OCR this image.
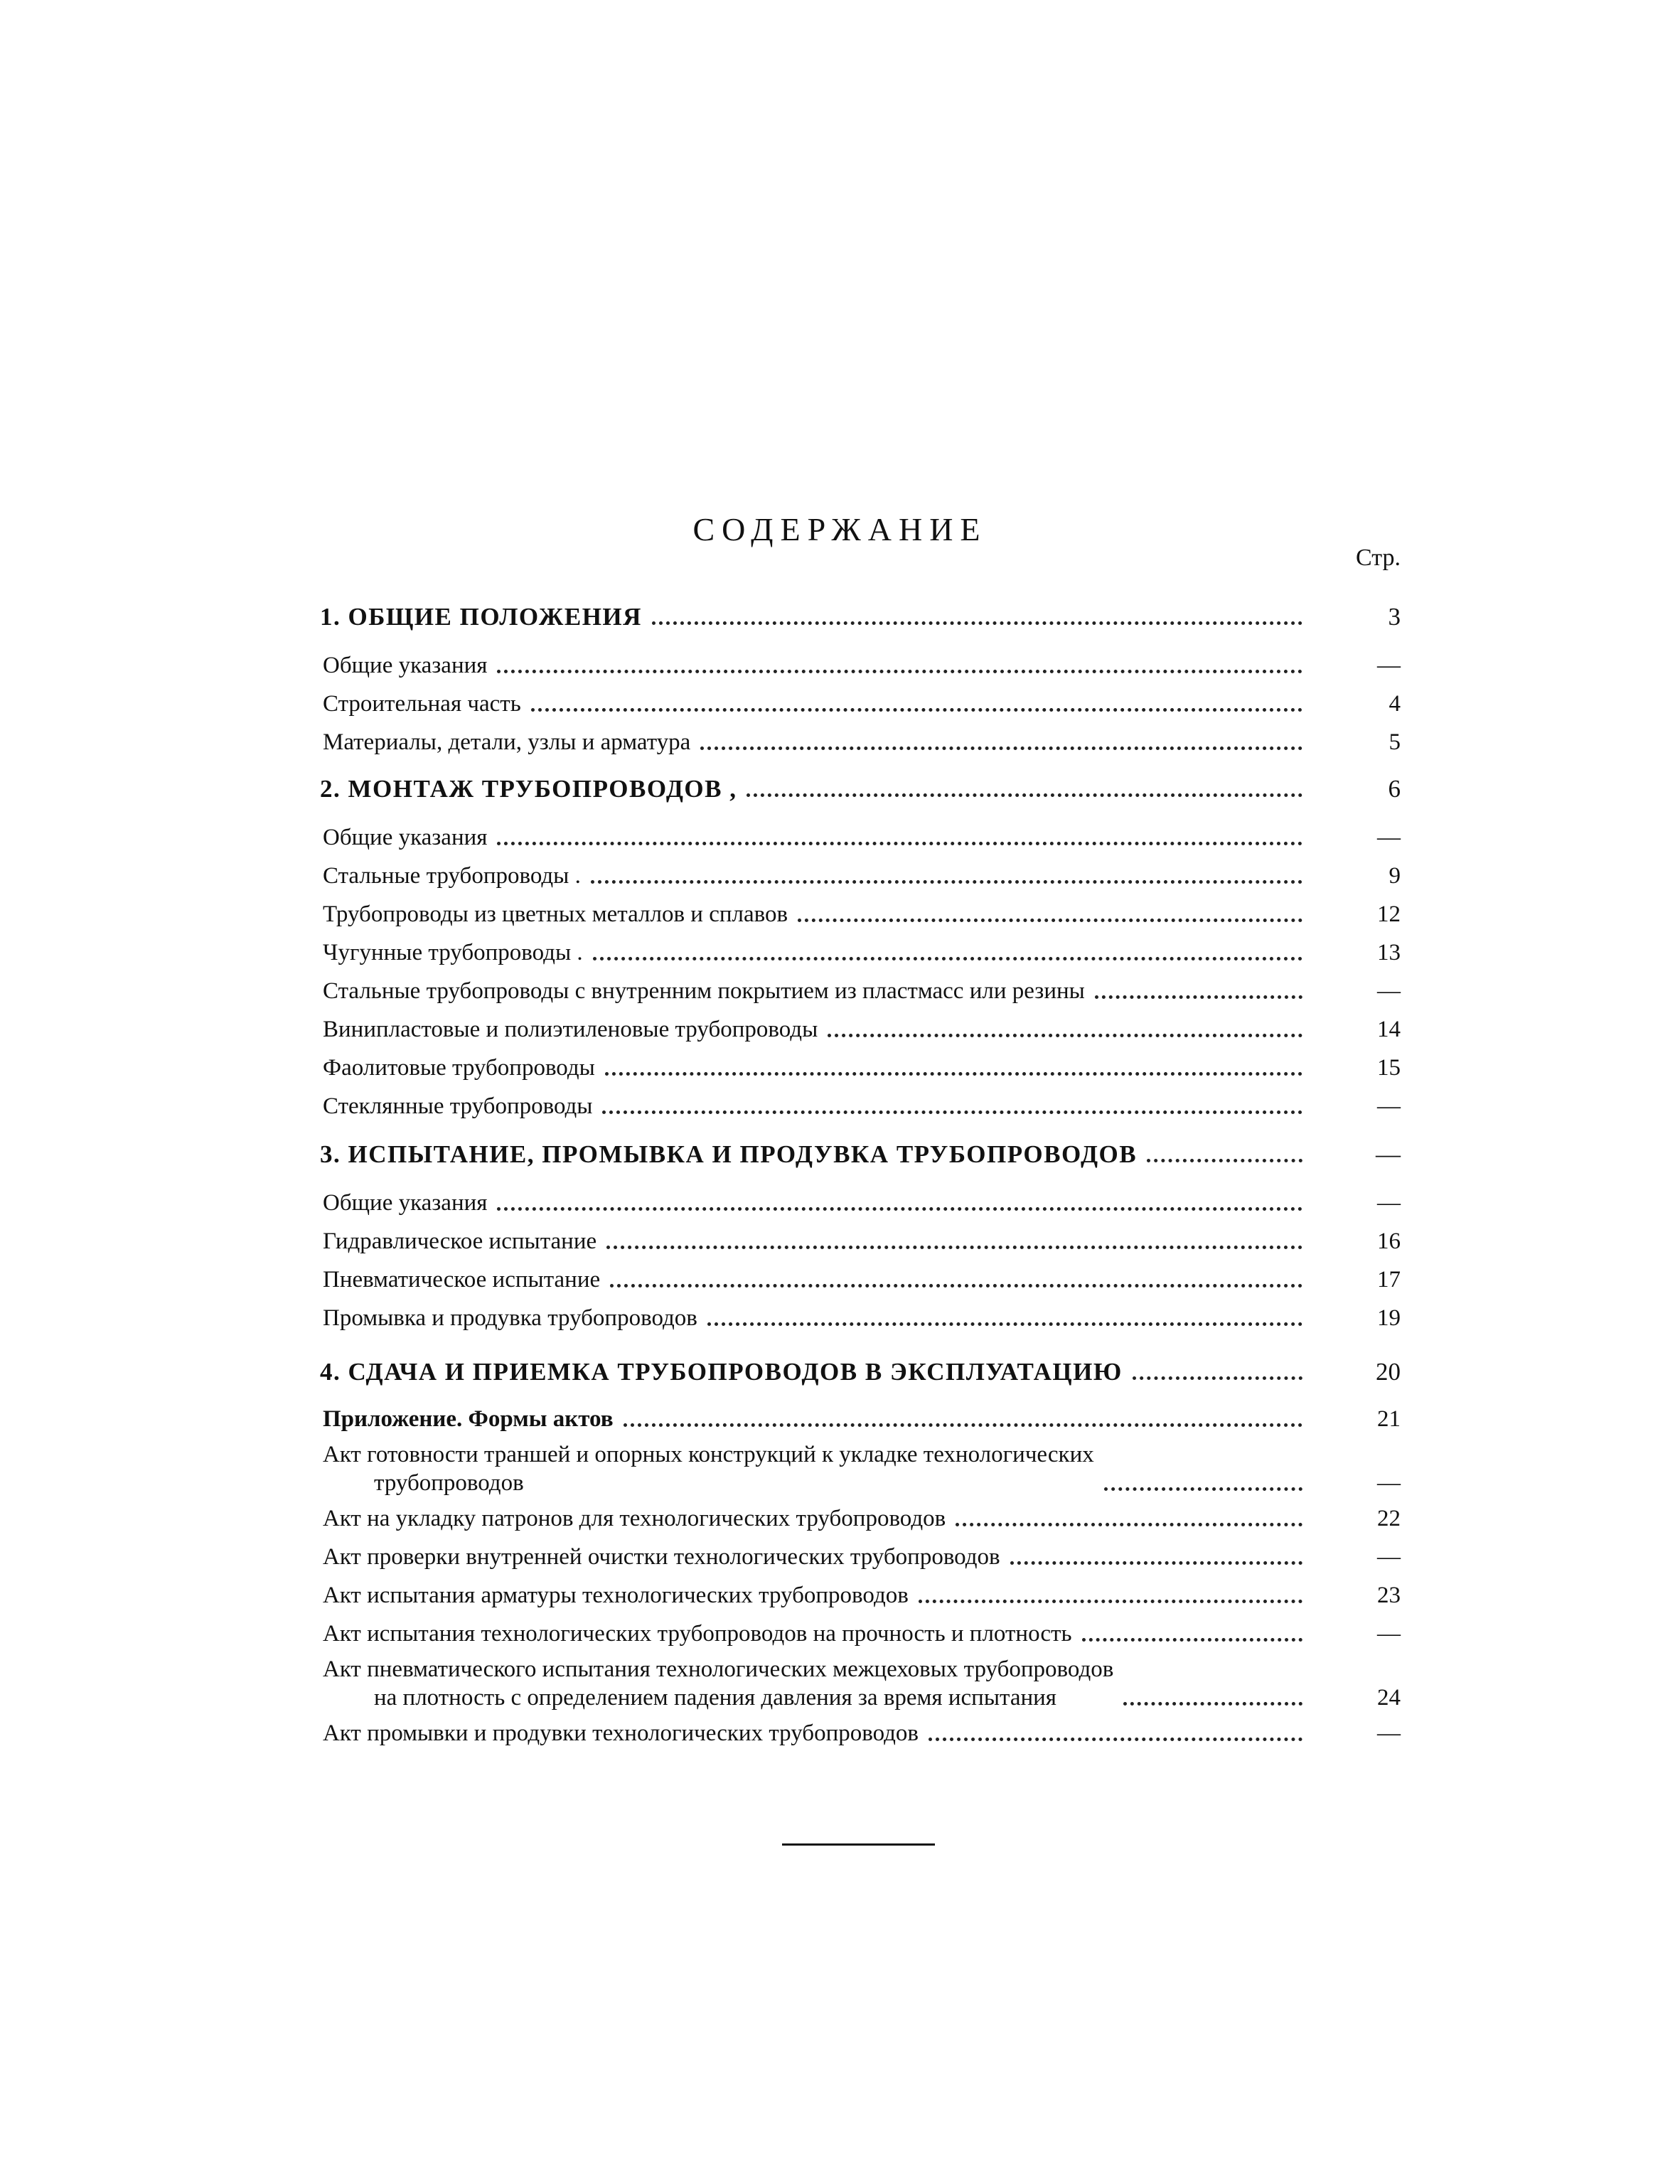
СОДЕРЖАНИЕ
Стр.
1. ОБЩИЕ ПОЛОЖЕНИЯ	3
Общие указания	—
Строительная часть	4
Материалы, детали, узлы и арматура	5
2. МОНТАЖ ТРУБОПРОВОДОВ ,	6
Общие указания	—
Стальные трубопроводы .	9
Трубопроводы из цветных металлов и сплавов	12
Чугунные трубопроводы .	13
Стальные трубопроводы с внутренним покрытием из пластмасс или резины	—
Винипластовые и полиэтиленовые трубопроводы	14
Фаолитовые трубопроводы	15
Стеклянные трубопроводы	—
3. ИСПЫТАНИЕ, ПРОМЫВКА И ПРОДУВКА ТРУБОПРОВОДОВ	—
Общие указания	—
Гидравлическое испытание	16
Пневматическое испытание	17
Промывка и продувка трубопроводов	19
4. СДАЧА И ПРИЕМКА ТРУБОПРОВОДОВ В ЭКСПЛУАТАЦИЮ	20
Приложение. Формы актов	21
Акт готовности траншей и опорных конструкций к укладке технологических
трубопроводов	—
Акт на укладку патронов для технологических трубопроводов	22
Акт проверки внутренней очистки технологических трубопроводов	—
Акт испытания арматуры технологических трубопроводов	23
Акт испытания технологических трубопроводов на прочность и плотность	—
Акт пневматического испытания технологических межцеховых трубопроводов
на плотность с определением падения давления за время испытания	24
Акт промывки и продувки технологических трубопроводов	—
